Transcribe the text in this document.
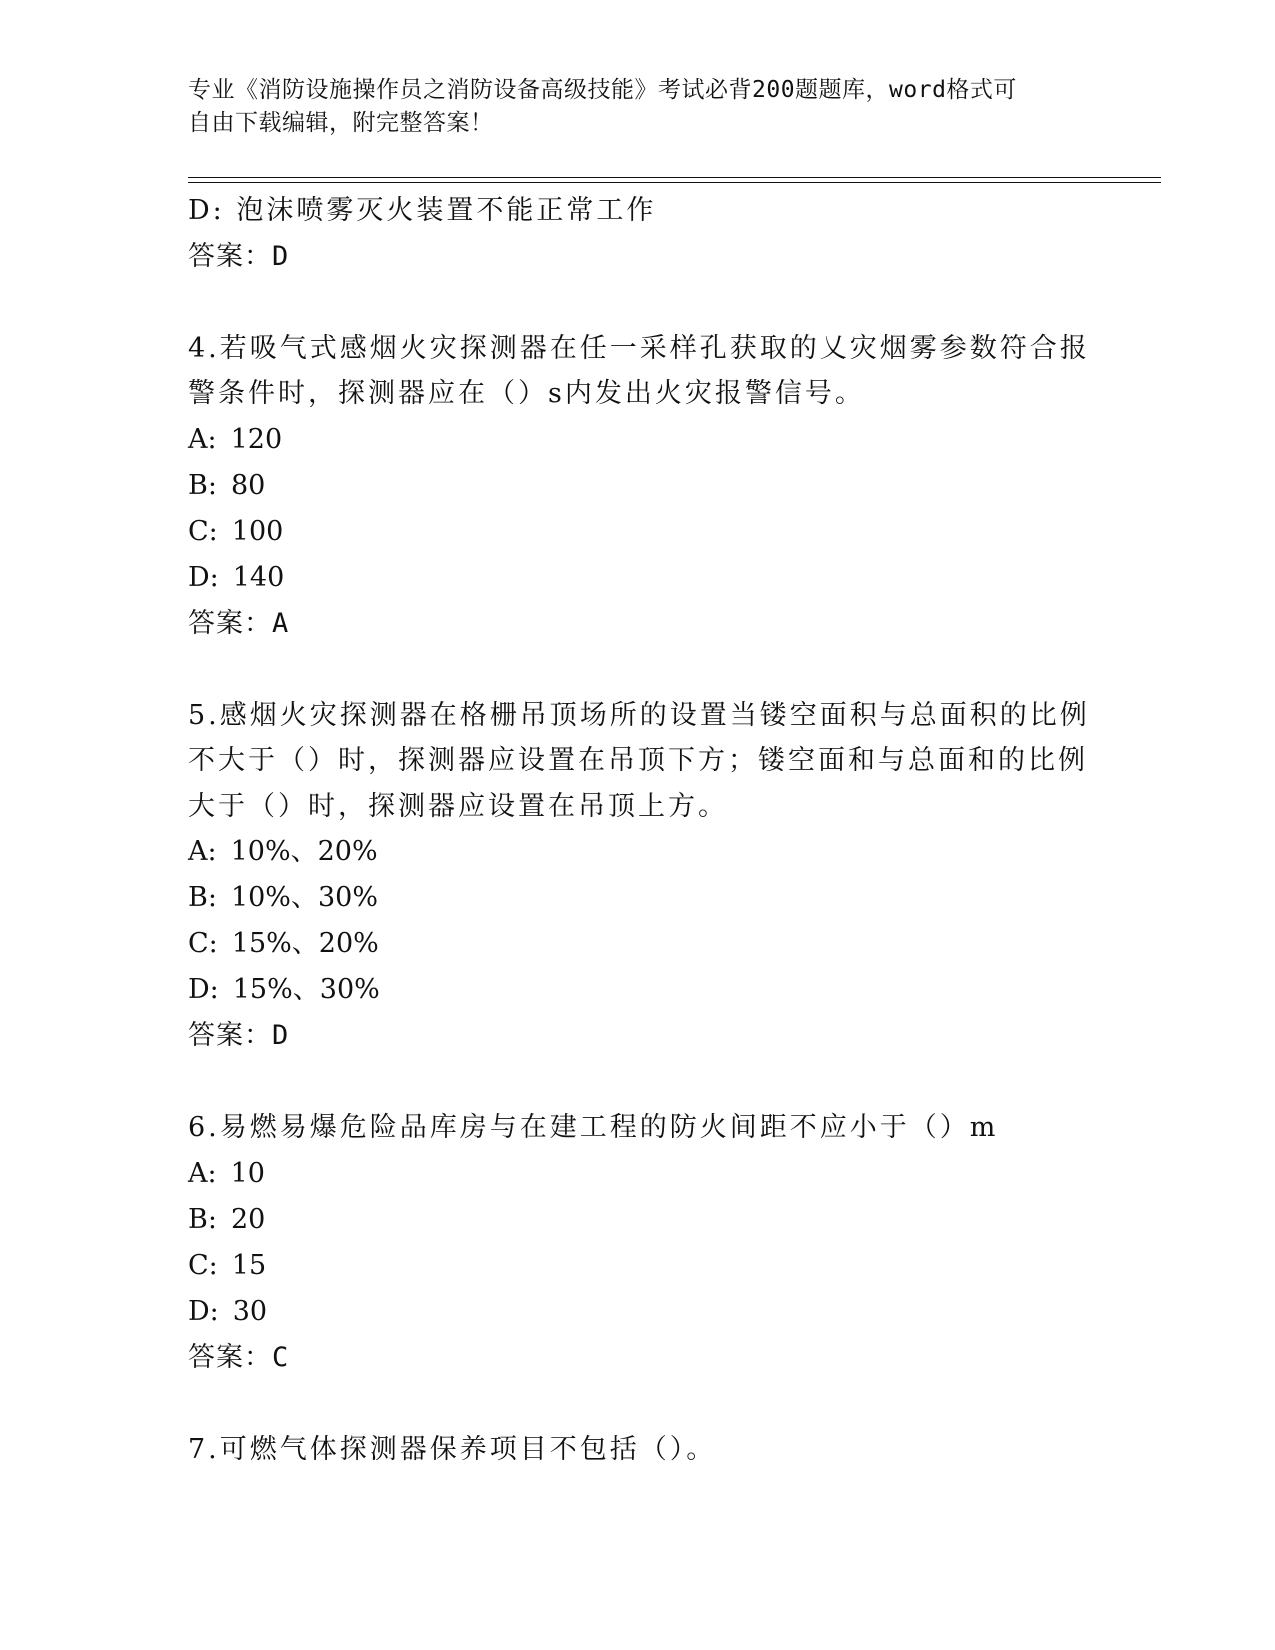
专业《消防设施操作员之消防设备高级技能》考试必背200题题库，word格式可
自由下载编辑，附完整答案！
D: 泡沫喷雾灭火装置不能正常工作
答案：D
4.若吸气式感烟火灾探测器在任一采样孔获取的乂灾烟雾参数符合报
警条件时，探测器应在（）s内发出火灾报警信号。
A: 120
B: 80
C: 100
D: 140
答案：A
5.感烟火灾探测器在格栅吊顶场所的设置当镂空面积与总面积的比例
不大于（）时，探测器应设置在吊顶下方；镂空面和与总面和的比例
大于（）时，探测器应设置在吊顶上方。
A: 10%、20%
B: 10%、30%
C: 15%、20%
D: 15%、30%
答案：D
6.易燃易爆危险品库房与在建工程的防火间距不应小于（）m
A: 10
B: 20
C: 15
D: 30
答案：C
7.可燃气体探测器保养项目不包括（）。
